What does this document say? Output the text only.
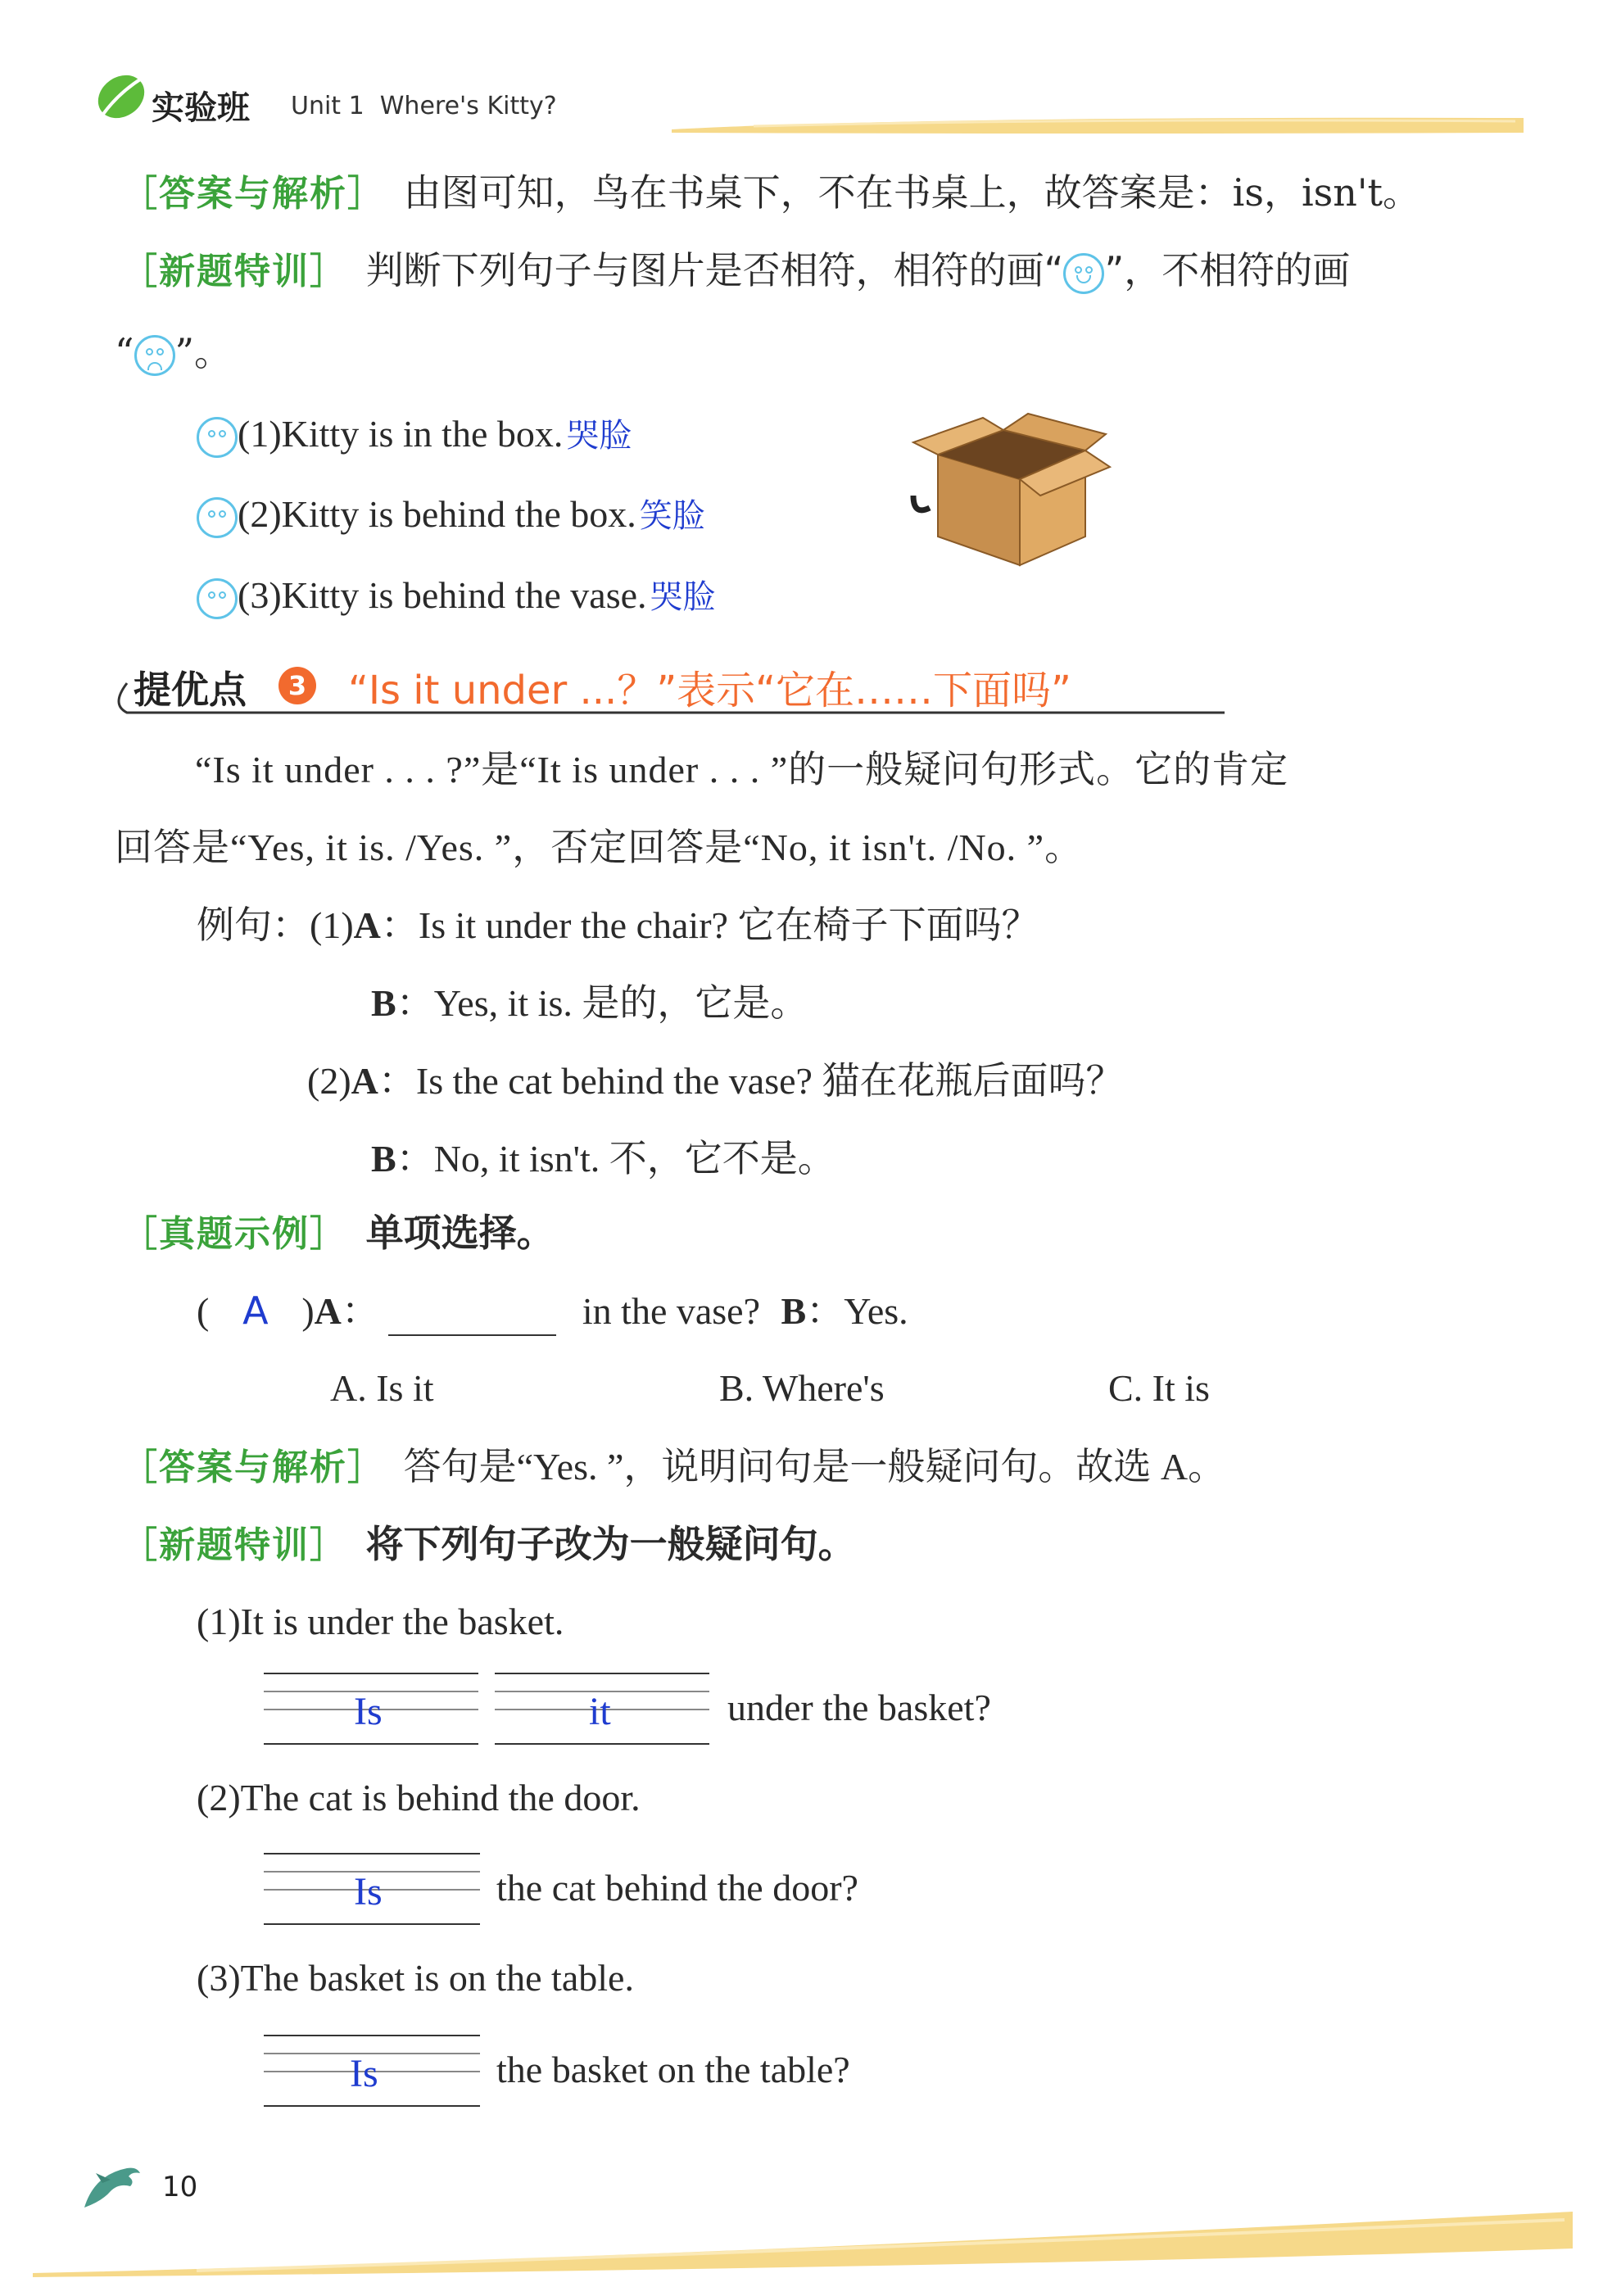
实验班 Unit 1  Where's Kitty?
［答案与解析］ 由图可知，鸟在书桌下，不在书桌上，故答案是：is，isn't。
［新题特训］ 判断下列句子与图片是否相符，相符的画“ ”，不相符的画
“ ”。
(1)Kitty is in the box. 哭脸
(2)Kitty is behind the box. 笑脸
(3)Kitty is behind the vase. 哭脸
提优点	3 “Is it under ...？”表示“它在……下面吗”
“Is it under . . . ?”是“It is under . . . ”的一般疑问句形式。它的肯定
回答是“Yes, it is. /Yes. ”，否定回答是“No, it isn't. /No. ”。
例句：(1)A：Is it under the chair? 它在椅子下面吗？
B：Yes, it is. 是的，它是。
(2)A：Is the cat behind the vase? 猫在花瓶后面吗？
B：No, it isn't. 不，它不是。
［真题示例］ 单项选择。
( A )A：	in the vase? B：Yes.
A. Is it	B. Where's	C. It is
［答案与解析］ 答句是“Yes. ”，说明问句是一般疑问句。故选 A。
［新题特训］ 将下列句子改为一般疑问句。
(1)It is under the basket.
Is	it	under the basket?
(2)The cat is behind the door.
Is	the cat behind the door?
(3)The basket is on the table.
Is	the basket on the table?
10
